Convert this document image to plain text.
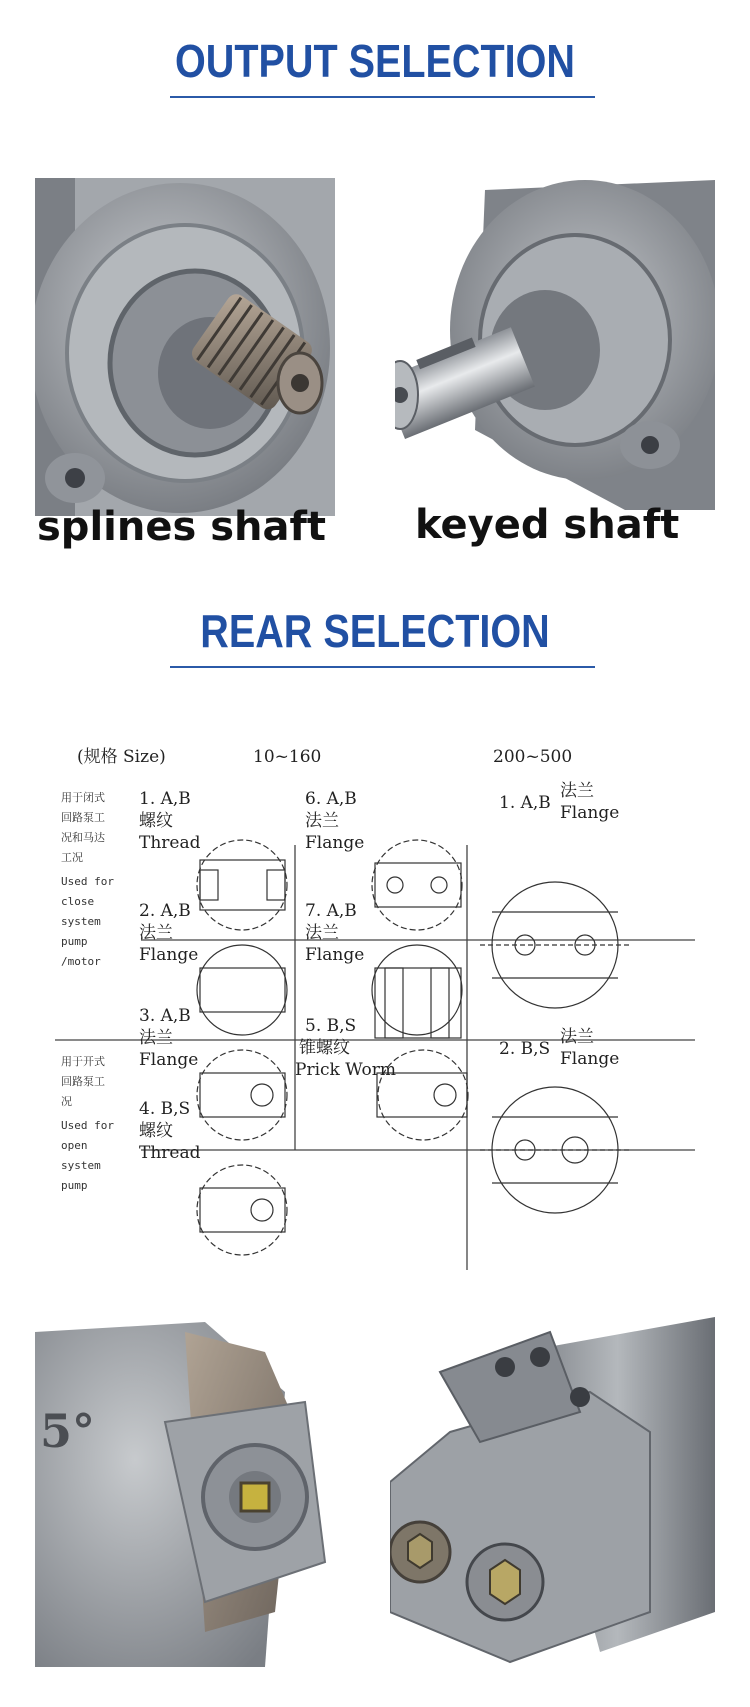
OUTPUT SELECTION
splines shaft keyed shaft
REAR SELECTION
(规格 Size)	10~160	200~500
用于闭式
回路泵工
况和马达
工况
Used for
close
system
pump
/motor
用于开式
回路泵工
况
Used for
open
system
pump
1. A,B
螺纹
Thread
2. A,B
法兰
Flange
3. A,B
法兰
Flange
4. B,S
螺纹
Thread
6. A,B
法兰
Flange
7. A,B
法兰
Flange
5. B,S
锥螺纹
Prick Worm
1. A,B
法兰
Flange
2. B,S
法兰
Flange
5°
